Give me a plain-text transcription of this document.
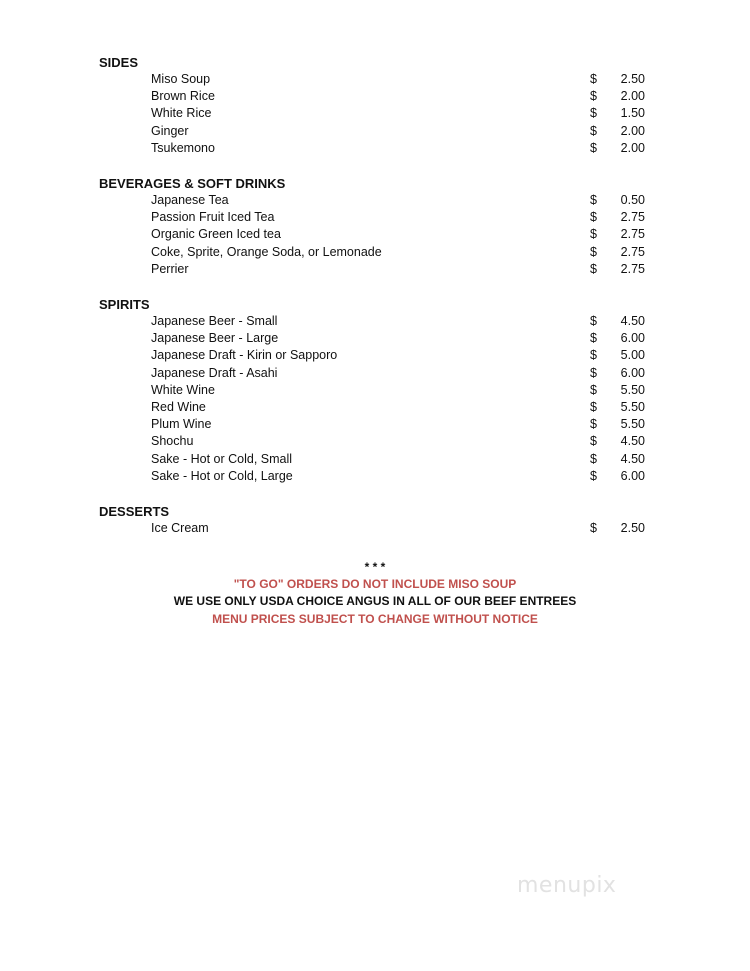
SIDES
Miso Soup	$ 2.50
Brown Rice	$ 2.00
White Rice	$ 1.50
Ginger	$ 2.00
Tsukemono	$ 2.00
BEVERAGES & SOFT DRINKS
Japanese Tea	$ 0.50
Passion Fruit Iced Tea	$ 2.75
Organic Green Iced tea	$ 2.75
Coke, Sprite, Orange Soda, or Lemonade	$ 2.75
Perrier	$ 2.75
SPIRITS
Japanese Beer - Small	$ 4.50
Japanese Beer - Large	$ 6.00
Japanese Draft - Kirin or Sapporo	$ 5.00
Japanese Draft - Asahi	$ 6.00
White Wine	$ 5.50
Red Wine	$ 5.50
Plum Wine	$ 5.50
Shochu	$ 4.50
Sake - Hot or Cold, Small	$ 4.50
Sake - Hot or Cold, Large	$ 6.00
DESSERTS
Ice Cream	$ 2.50
* * *
"TO GO" ORDERS DO NOT INCLUDE MISO SOUP
WE USE ONLY USDA CHOICE ANGUS IN ALL OF OUR BEEF ENTREES
MENU PRICES SUBJECT TO CHANGE WITHOUT NOTICE
menupix
